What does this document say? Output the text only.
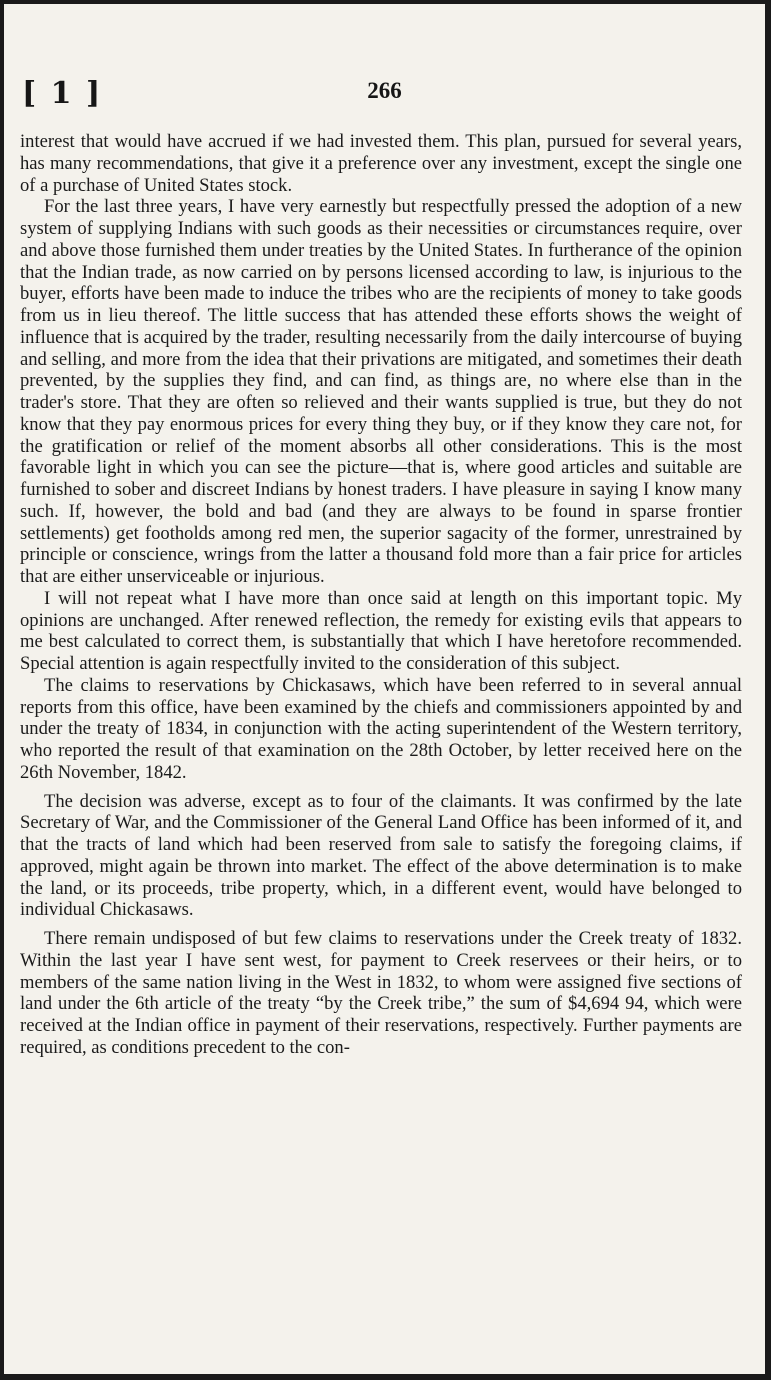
[ 1 ]	266

interest that would have accrued if we had invested them. This plan, pursued for several years, has many recommendations, that give it a preference over any investment, except the single one of a purchase of United States stock.

For the last three years, I have very earnestly but respectfully pressed the adoption of a new system of supplying Indians with such goods as their necessities or circumstances require, over and above those furnished them under treaties by the United States. In furtherance of the opinion that the Indian trade, as now carried on by persons licensed according to law, is injurious to the buyer, efforts have been made to induce the tribes who are the recipients of money to take goods from us in lieu thereof. The little success that has attended these efforts shows the weight of influence that is acquired by the trader, resulting necessarily from the daily intercourse of buying and selling, and more from the idea that their privations are mitigated, and sometimes their death prevented, by the supplies they find, and can find, as things are, no where else than in the trader's store. That they are often so relieved and their wants supplied is true, but they do not know that they pay enormous prices for every thing they buy, or if they know they care not, for the gratification or relief of the moment absorbs all other considerations. This is the most favorable light in which you can see the picture—that is, where good articles and suitable are furnished to sober and discreet Indians by honest traders. I have pleasure in saying I know many such. If, however, the bold and bad (and they are always to be found in sparse frontier settlements) get footholds among red men, the superior sagacity of the former, unrestrained by principle or conscience, wrings from the latter a thousand fold more than a fair price for articles that are either unserviceable or injurious.

I will not repeat what I have more than once said at length on this important topic. My opinions are unchanged. After renewed reflection, the remedy for existing evils that appears to me best calculated to correct them, is substantially that which I have heretofore recommended. Special attention is again respectfully invited to the consideration of this subject.

The claims to reservations by Chickasaws, which have been referred to in several annual reports from this office, have been examined by the chiefs and commissioners appointed by and under the treaty of 1834, in conjunction with the acting superintendent of the Western territory, who reported the result of that examination on the 28th October, by letter received here on the 26th November, 1842.

The decision was adverse, except as to four of the claimants. It was confirmed by the late Secretary of War, and the Commissioner of the General Land Office has been informed of it, and that the tracts of land which had been reserved from sale to satisfy the foregoing claims, if approved, might again be thrown into market. The effect of the above determination is to make the land, or its proceeds, tribe property, which, in a different event, would have belonged to individual Chickasaws.

There remain undisposed of but few claims to reservations under the Creek treaty of 1832. Within the last year I have sent west, for payment to Creek reservees or their heirs, or to members of the same nation living in the West in 1832, to whom were assigned five sections of land under the 6th article of the treaty “by the Creek tribe,” the sum of $4,694 94, which were received at the Indian office in payment of their reservations, respectively. Further payments are required, as conditions precedent to the con-
